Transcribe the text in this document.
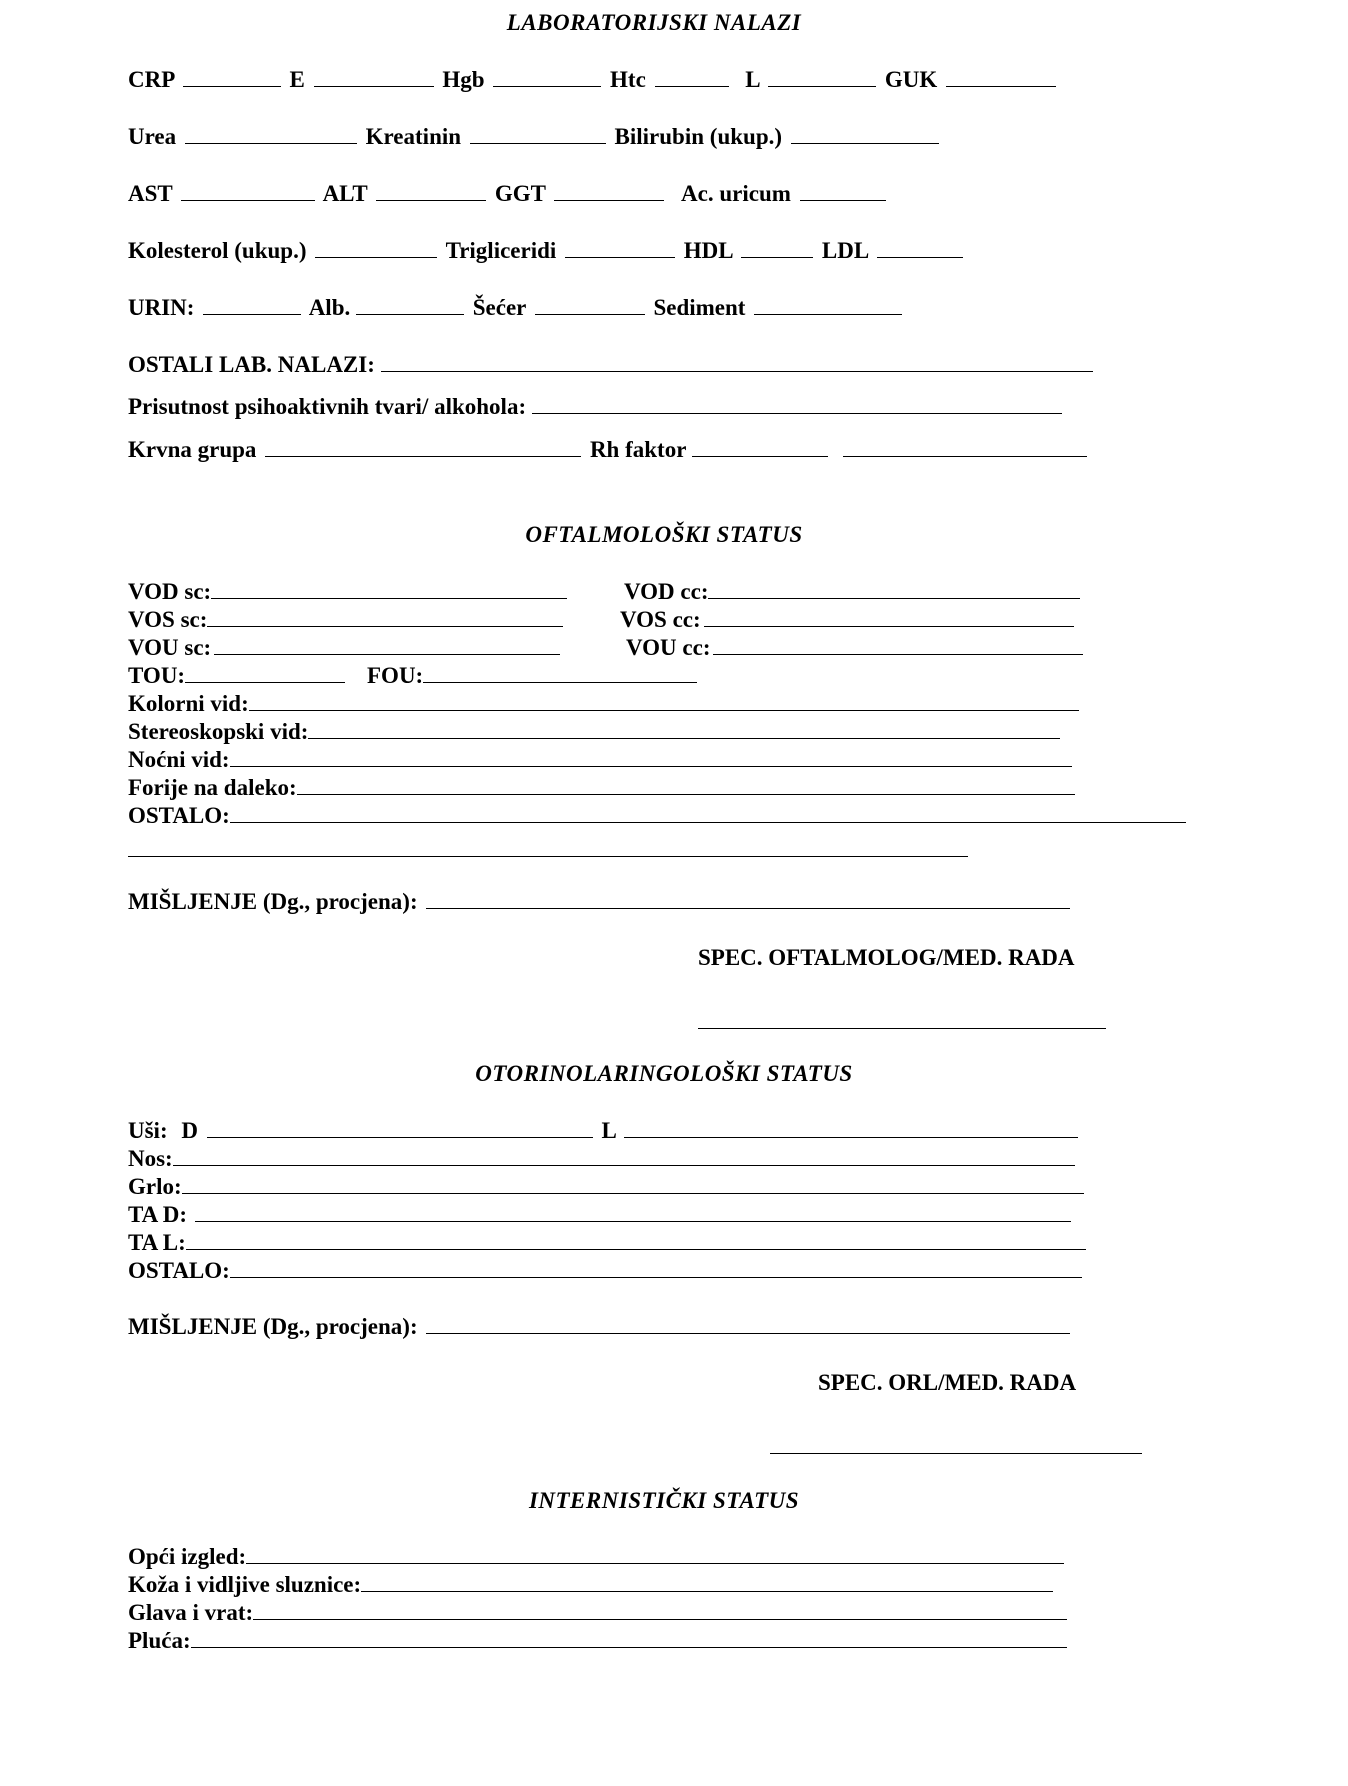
LABORATORIJSKI NALAZI
CRP	E	Hgb	Htc	L	GUK
Urea	Kreatinin	Bilirubin (ukup.)
AST	ALT	GGT	Ac. uricum
Kolesterol (ukup.)	Trigliceridi	HDL	LDL
URIN:	Alb.	Šećer	Sediment
OSTALI LAB. NALAZI:
Prisutnost psihoaktivnih tvari/ alkohola:
Krvna grupa	Rh faktor
OFTALMOLOŠKI STATUS
VOD sc:	VOD cc:
VOS sc:	VOS cc:
VOU sc:	VOU cc:
TOU:	FOU:
Kolorni vid:
Stereoskopski vid:
Noćni vid:
Forije na daleko:
OSTALO:
MIŠLJENJE (Dg., procjena):
SPEC. OFTALMOLOG/MED. RADA
OTORINOLARINGOLOŠKI STATUS
Uši: D	L
Nos:
Grlo:
TA D:
TA L:
OSTALO:
MIŠLJENJE (Dg., procjena):
SPEC. ORL/MED. RADA
INTERNISTIČKI STATUS
Opći izgled:
Koža i vidljive sluznice:
Glava i vrat:
Pluća:
